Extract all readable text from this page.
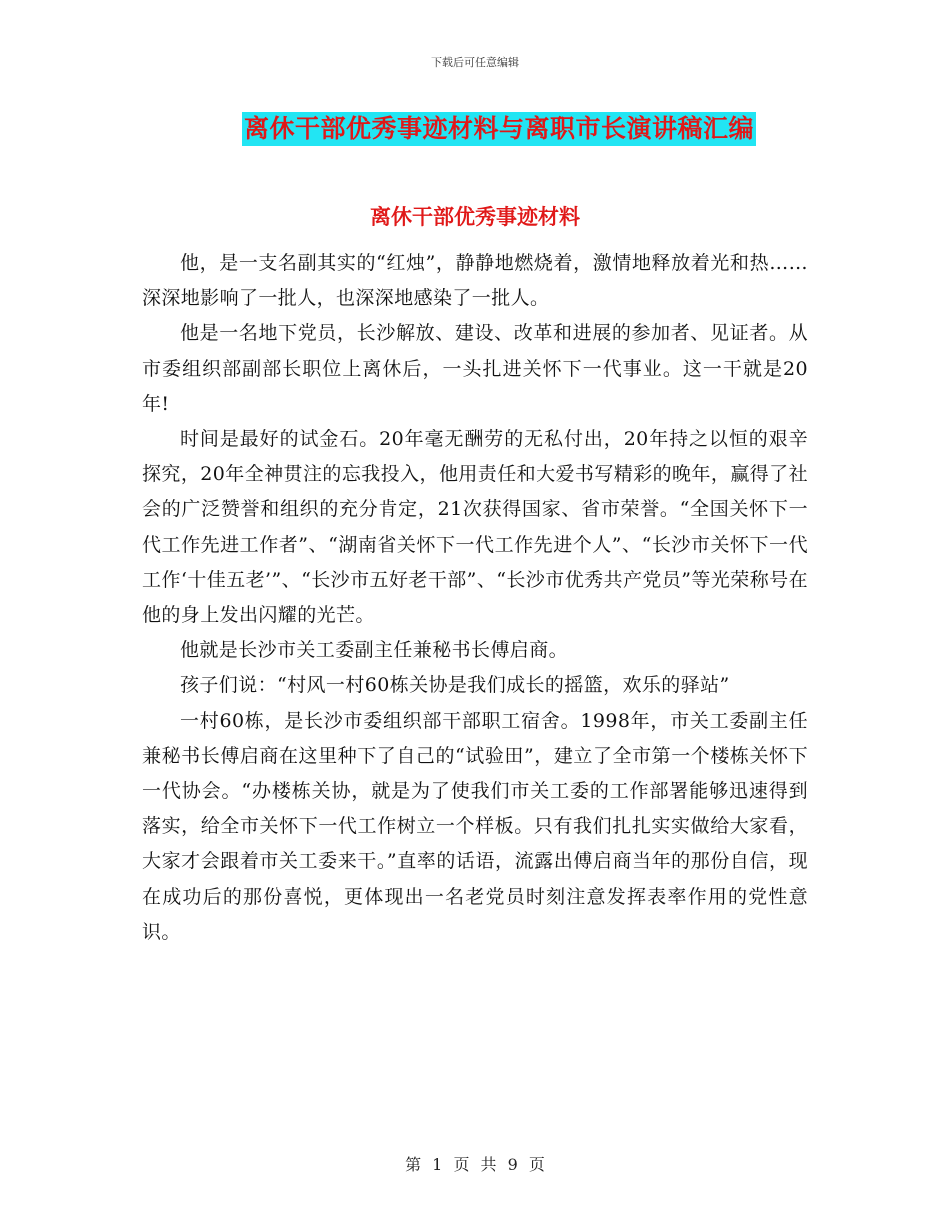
下载后可任意编辑
离休干部优秀事迹材料与离职市长演讲稿汇编
离休干部优秀事迹材料

他，是一支名副其实的“红烛”，静静地燃烧着，激情地释放着光和热……深深地影响了一批人，也深深地感染了一批人。

他是一名地下党员，长沙解放、建设、改革和进展的参加者、见证者。从市委组织部副部长职位上离休后，一头扎进关怀下一代事业。这一干就是20年!

时间是最好的试金石。20年毫无酬劳的无私付出，20年持之以恒的艰辛探究，20年全神贯注的忘我投入，他用责任和大爱书写精彩的晚年，赢得了社会的广泛赞誉和组织的充分肯定，21次获得国家、省市荣誉。“全国关怀下一代工作先进工作者”、“湖南省关怀下一代工作先进个人”、“长沙市关怀下一代工作‘十佳五老’”、“长沙市五好老干部”、“长沙市优秀共产党员”等光荣称号在他的身上发出闪耀的光芒。

他就是长沙市关工委副主任兼秘书长傅启商。

孩子们说：“村风一村60栋关协是我们成长的摇篮，欢乐的驿站”

一村60栋，是长沙市委组织部干部职工宿舍。1998年，市关工委副主任兼秘书长傅启商在这里种下了自己的“试验田”，建立了全市第一个楼栋关怀下一代协会。“办楼栋关协，就是为了使我们市关工委的工作部署能够迅速得到落实，给全市关怀下一代工作树立一个样板。只有我们扎扎实实做给大家看，大家才会跟着市关工委来干。”直率的话语，流露出傅启商当年的那份自信，现在成功后的那份喜悦，更体现出一名老党员时刻注意发挥表率作用的党性意识。

第 1 页 共 9 页
